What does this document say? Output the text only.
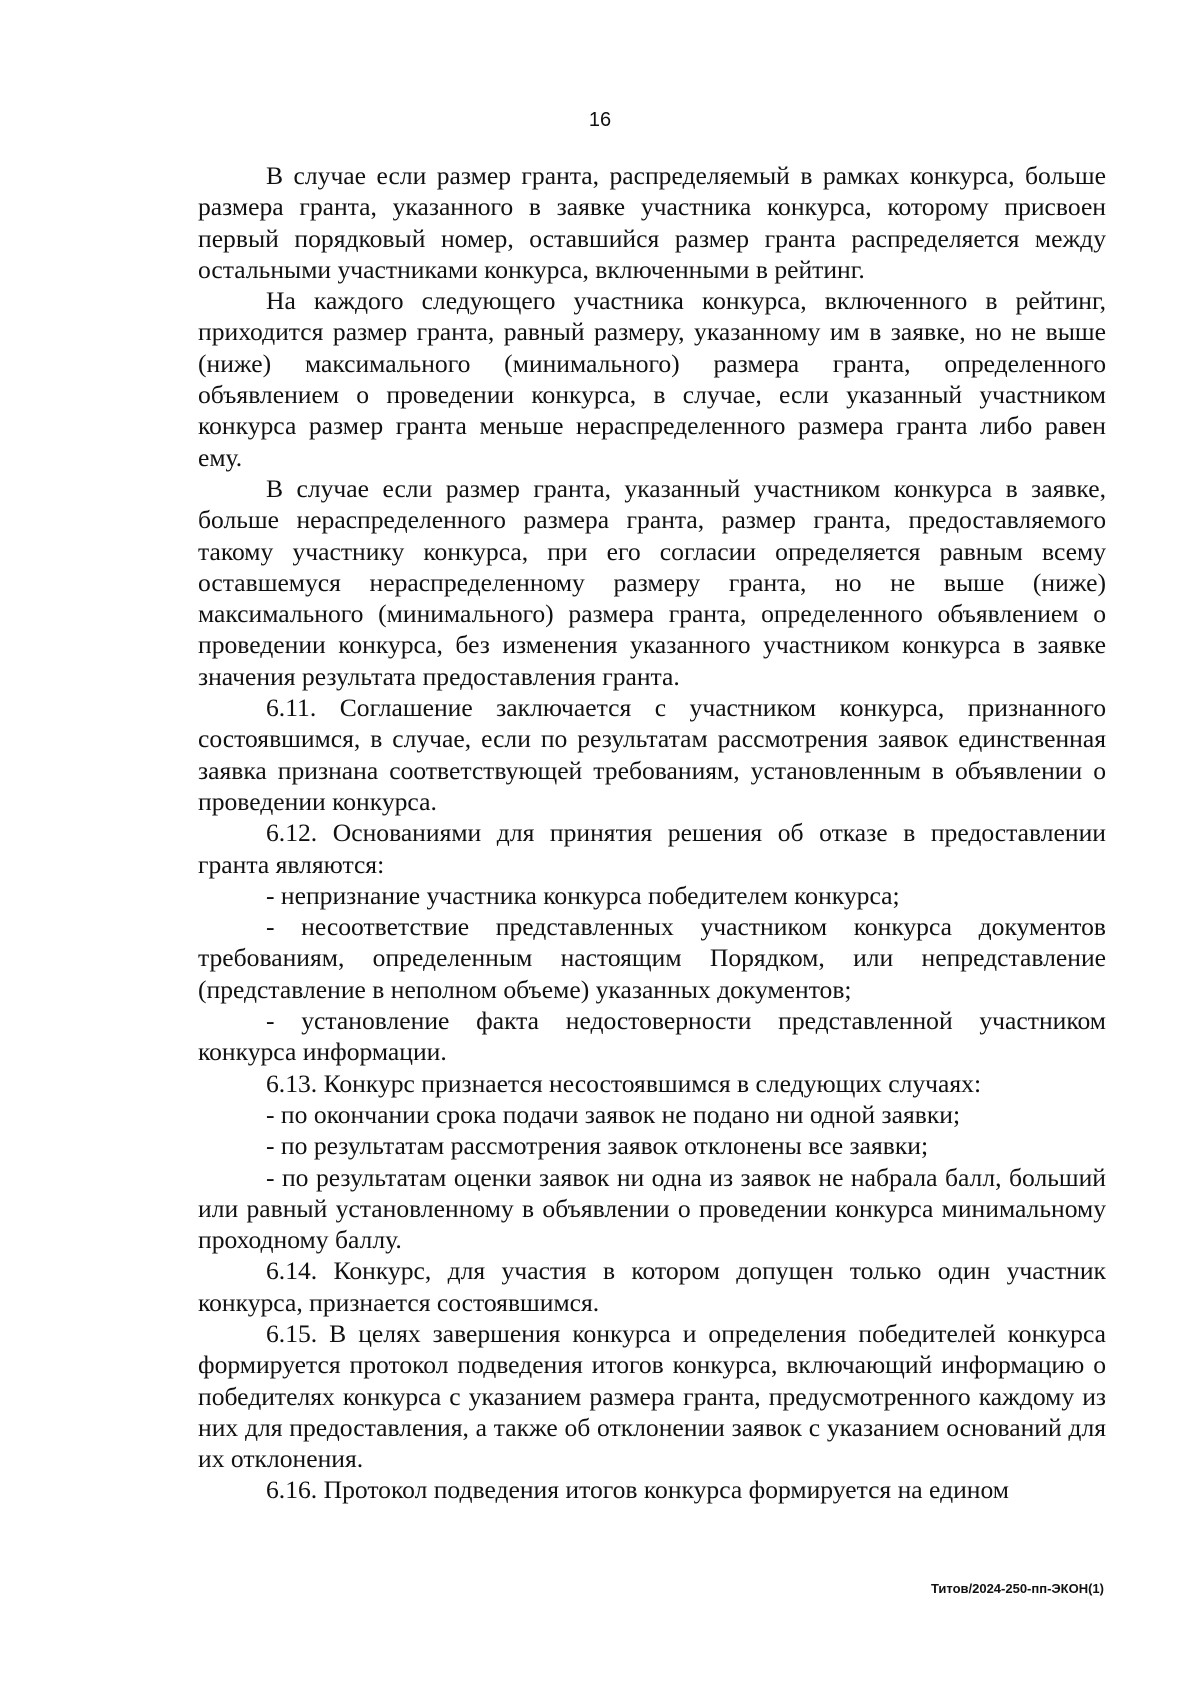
16

В случае если размер гранта, распределяемый в рамках конкурса, больше размера гранта, указанного в заявке участника конкурса, которому присвоен первый порядковый номер, оставшийся размер гранта распределяется между остальными участниками конкурса, включенными в рейтинг.

На каждого следующего участника конкурса, включенного в рейтинг, приходится размер гранта, равный размеру, указанному им в заявке, но не выше (ниже) максимального (минимального) размера гранта, определенного объявлением о проведении конкурса, в случае, если указанный участником конкурса размер гранта меньше нераспределенного размера гранта либо равен ему.

В случае если размер гранта, указанный участником конкурса в заявке, больше нераспределенного размера гранта, размер гранта, предоставляемого такому участнику конкурса, при его согласии определяется равным всему оставшемуся нераспределенному размеру гранта, но не выше (ниже) максимального (минимального) размера гранта, определенного объявлением о проведении конкурса, без изменения указанного участником конкурса в заявке значения результата предоставления гранта.

6.11. Соглашение заключается с участником конкурса, признанного состоявшимся, в случае, если по результатам рассмотрения заявок единственная заявка признана соответствующей требованиям, установленным в объявлении о проведении конкурса.

6.12. Основаниями для принятия решения об отказе в предоставлении гранта являются:

- непризнание участника конкурса победителем конкурса;

- несоответствие представленных участником конкурса документов требованиям, определенным настоящим Порядком, или непредставление (представление в неполном объеме) указанных документов;

- установление факта недостоверности представленной участником конкурса информации.

6.13. Конкурс признается несостоявшимся в следующих случаях:

- по окончании срока подачи заявок не подано ни одной заявки;

- по результатам рассмотрения заявок отклонены все заявки;

- по результатам оценки заявок ни одна из заявок не набрала балл, больший или равный установленному в объявлении о проведении конкурса минимальному проходному баллу.

6.14. Конкурс, для участия в котором допущен только один участник конкурса, признается состоявшимся.

6.15. В целях завершения конкурса и определения победителей конкурса формируется протокол подведения итогов конкурса, включающий информацию о победителях конкурса с указанием размера гранта, предусмотренного каждому из них для предоставления, а также об отклонении заявок с указанием оснований для их отклонения.

6.16. Протокол подведения итогов конкурса формируется на едином

Титов/2024-250-пп-ЭКОН(1)
